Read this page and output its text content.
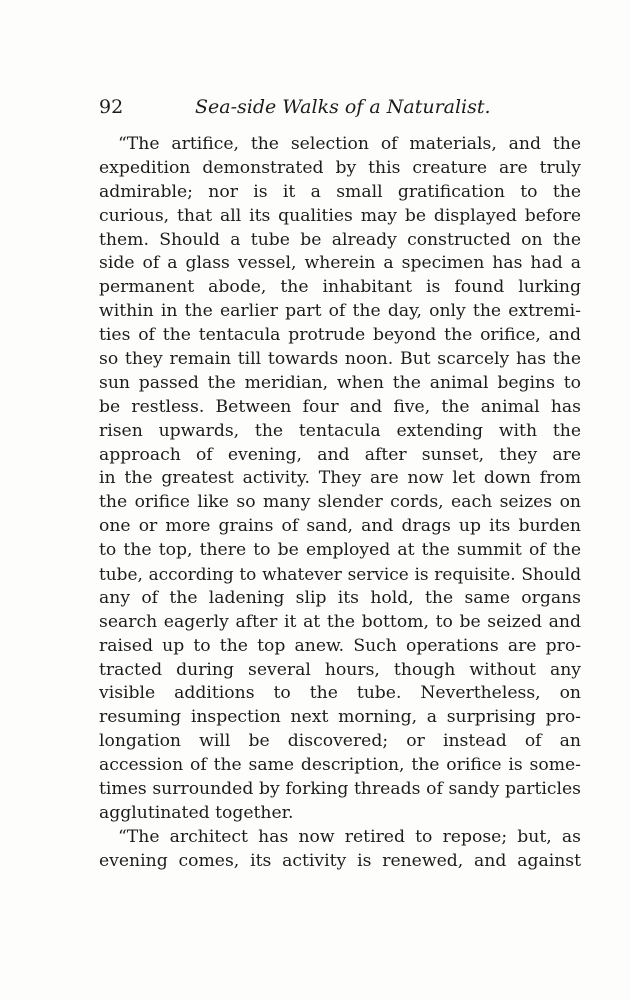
92	Sea-side Walks of a Naturalist.
“The artifice, the selection of materials, and the
expedition demonstrated by this creature are truly
admirable; nor is it a small gratification to the
curious, that all its qualities may be displayed before
them. Should a tube be already constructed on the
side of a glass vessel, wherein a specimen has had a
permanent abode, the inhabitant is found lurking
within in the earlier part of the day, only the extremi-
ties of the tentacula protrude beyond the orifice, and
so they remain till towards noon. But scarcely has the
sun passed the meridian, when the animal begins to
be restless. Between four and five, the animal has
risen upwards, the tentacula extending with the
approach of evening, and after sunset, they are
in the greatest activity. They are now let down from
the orifice like so many slender cords, each seizes on
one or more grains of sand, and drags up its burden
to the top, there to be employed at the summit of the
tube, according to whatever service is requisite. Should
any of the ladening slip its hold, the same organs
search eagerly after it at the bottom, to be seized and
raised up to the top anew. Such operations are pro-
tracted during several hours, though without any
visible additions to the tube. Nevertheless, on
resuming inspection next morning, a surprising pro-
longation will be discovered; or instead of an
accession of the same description, the orifice is some-
times surrounded by forking threads of sandy particles
agglutinated together.
“The architect has now retired to repose; but, as
evening comes, its activity is renewed, and against
